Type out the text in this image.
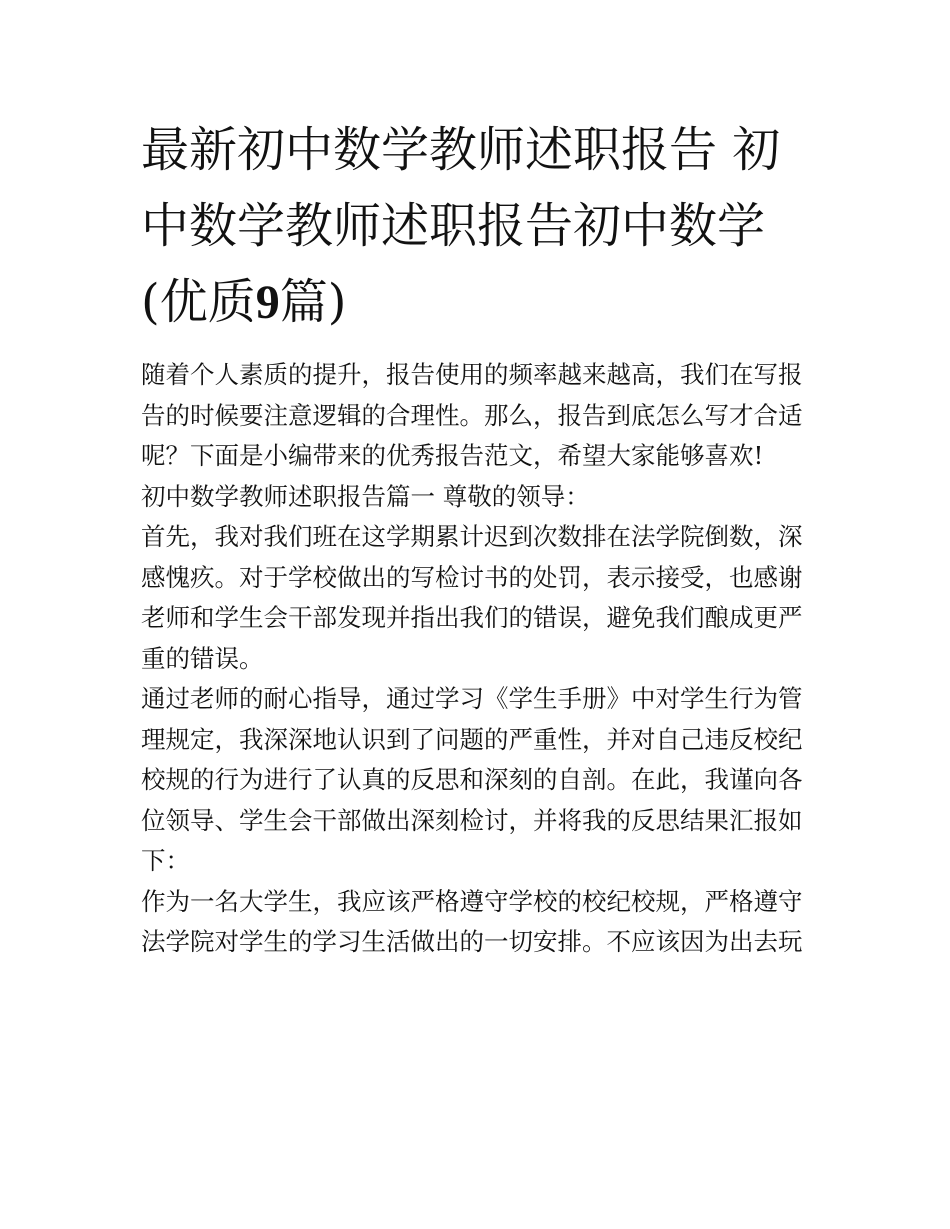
最新初中数学教师述职报告 初
中数学教师述职报告初中数学
(优质9篇)

随着个人素质的提升，报告使用的频率越来越高，我们在写报告的时候要注意逻辑的合理性。那么，报告到底怎么写才合适呢？下面是小编带来的优秀报告范文，希望大家能够喜欢!

初中数学教师述职报告篇一 尊敬的领导：

首先，我对我们班在这学期累计迟到次数排在法学院倒数，深感愧疚。对于学校做出的写检讨书的处罚，表示接受，也感谢老师和学生会干部发现并指出我们的错误，避免我们酿成更严重的错误。

通过老师的耐心指导，通过学习《学生手册》中对学生行为管理规定，我深深地认识到了问题的严重性，并对自己违反校纪校规的行为进行了认真的反思和深刻的自剖。在此，我谨向各位领导、学生会干部做出深刻检讨，并将我的反思结果汇报如下：

作为一名大学生，我应该严格遵守学校的校纪校规，严格遵守法学院对学生的学习生活做出的一切安排。不应该因为出去玩
